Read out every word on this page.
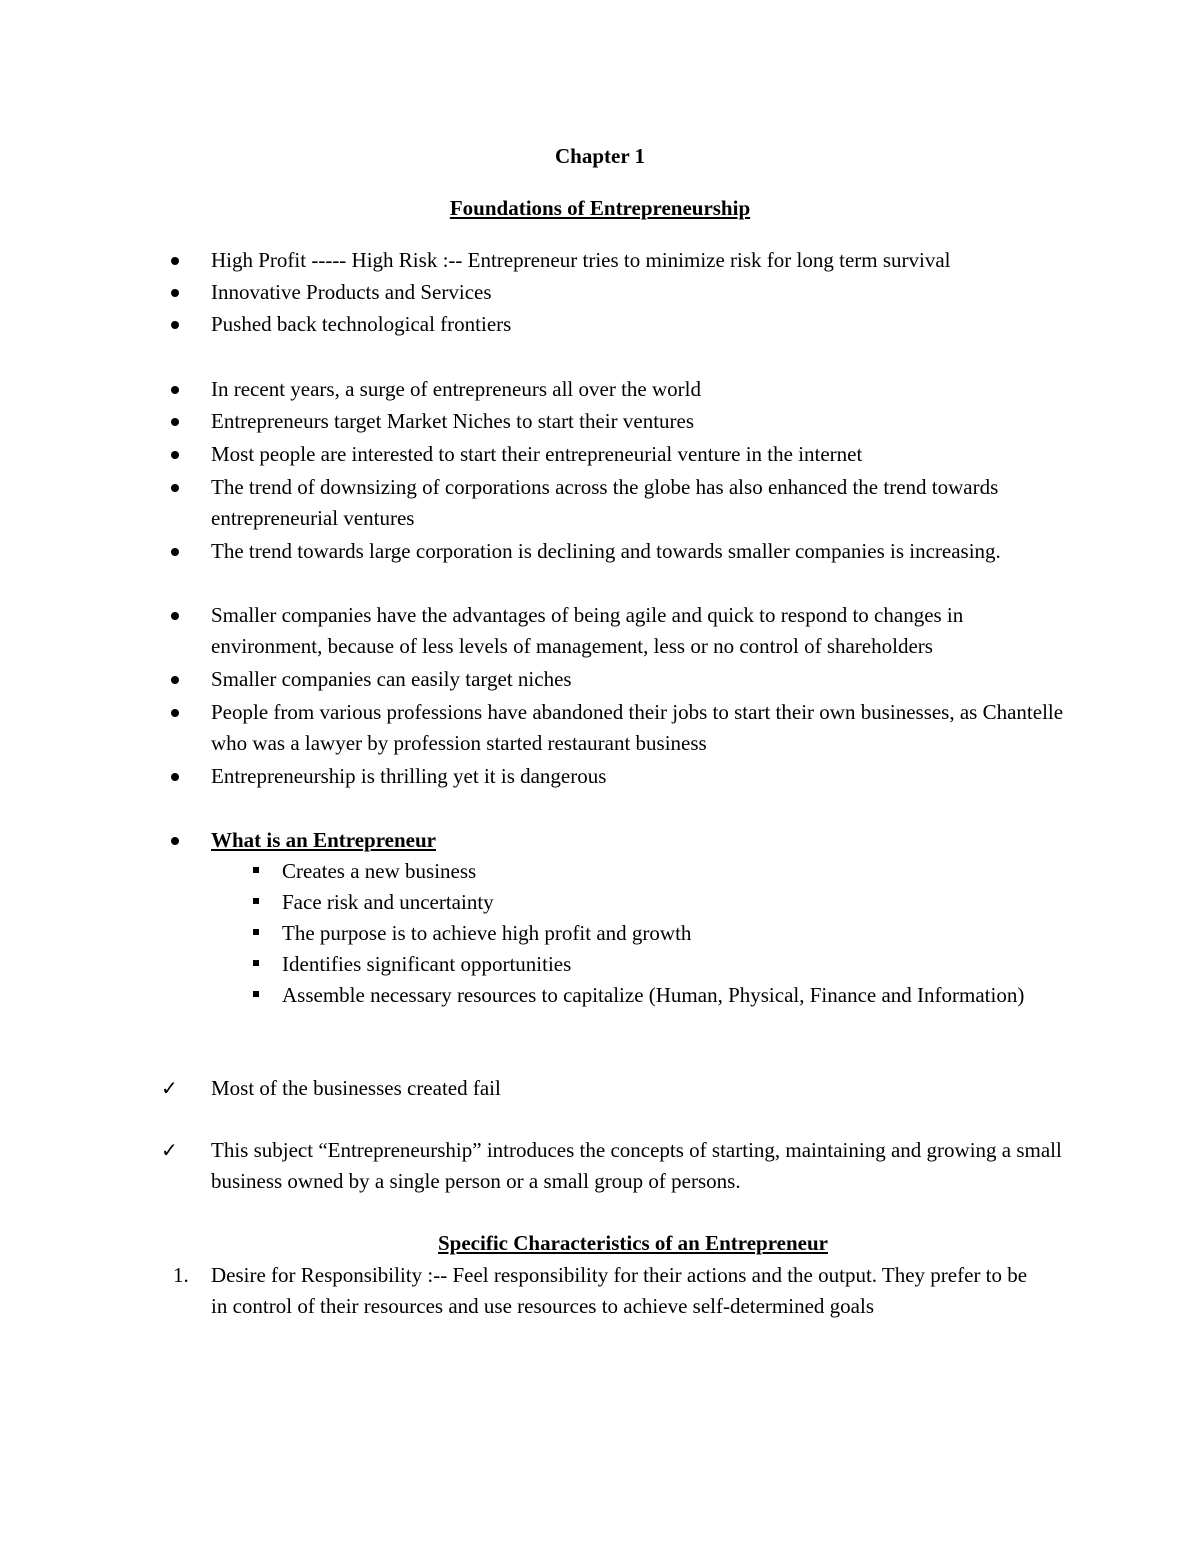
Chapter 1
Foundations of Entrepreneurship
High Profit ----- High Risk :-- Entrepreneur tries to minimize risk for long term survival
Innovative Products and Services
Pushed back technological frontiers
In recent years, a surge of entrepreneurs all over the world
Entrepreneurs target Market Niches to start their ventures
Most people are interested to start their entrepreneurial venture in the internet
The trend of downsizing of corporations across the globe has also enhanced the trend towards entrepreneurial ventures
The trend towards large corporation is declining and towards smaller companies is increasing.
Smaller companies have the advantages of being agile and quick to respond to changes in environment, because of less levels of management, less or no control of shareholders
Smaller companies can easily target niches
People from various professions have abandoned their jobs to start their own businesses, as Chantelle who was a lawyer by profession started restaurant business
Entrepreneurship is thrilling yet it is dangerous
What is an Entrepreneur
Creates a new business
Face risk and uncertainty
The purpose is to achieve high profit and growth
Identifies significant opportunities
Assemble necessary resources to capitalize (Human, Physical, Finance and Information)
✓ Most of the businesses created fail
✓ This subject “Entrepreneurship” introduces the concepts of starting, maintaining and growing a small business owned by a single person or a small group of persons.
Specific Characteristics of an Entrepreneur
1. Desire for Responsibility :-- Feel responsibility for their actions and the output. They prefer to be in control of their resources and use resources to achieve self-determined goals
